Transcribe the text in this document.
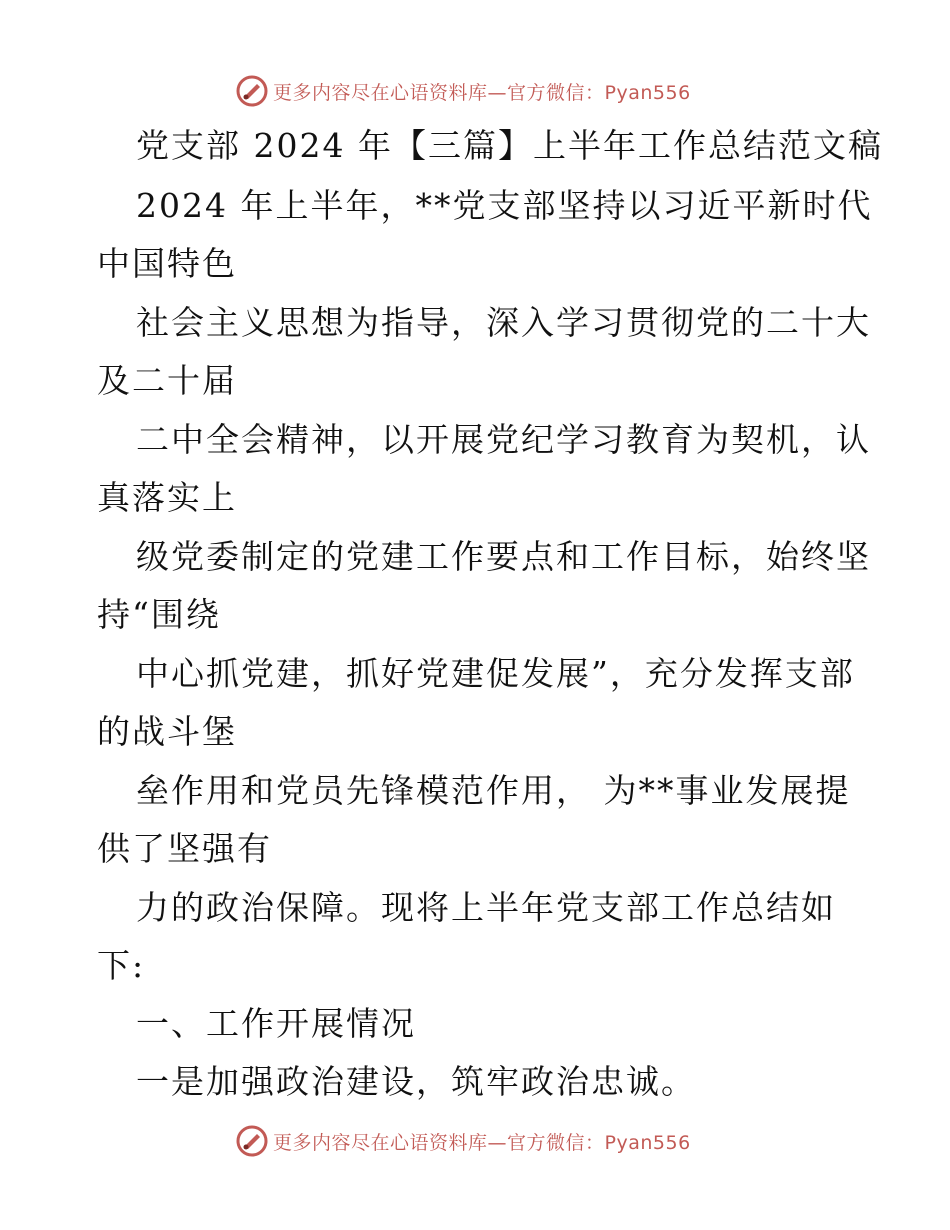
更多内容尽在心语资料库—官方微信：Pyan556
党支部 2024 年【三篇】上半年工作总结范文稿
2024 年上半年，**党支部坚持以习近平新时代
中国特色
社会主义思想为指导，深入学习贯彻党的二十大
及二十届
二中全会精神，以开展党纪学习教育为契机，认
真落实上
级党委制定的党建工作要点和工作目标，始终坚
持“围绕
中心抓党建，抓好党建促发展”，充分发挥支部
的战斗堡
垒作用和党员先锋模范作用， 为**事业发展提
供了坚强有
力的政治保障。现将上半年党支部工作总结如
下:
一、工作开展情况
一是加强政治建设，筑牢政治忠诚。
更多内容尽在心语资料库—官方微信：Pyan556
